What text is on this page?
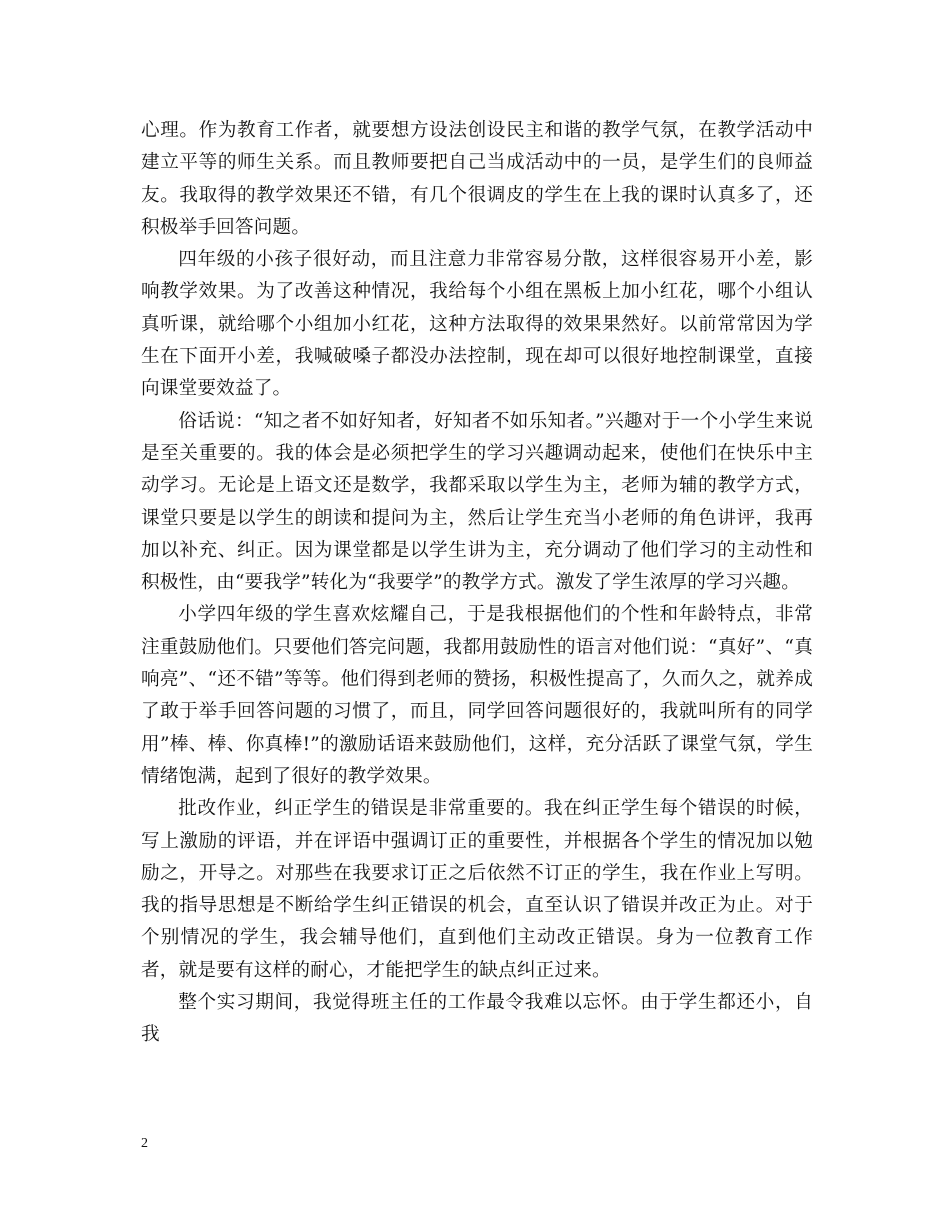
心理。作为教育工作者，就要想方设法创设民主和谐的教学气氛，在教学活动中建立平等的师生关系。而且教师要把自己当成活动中的一员，是学生们的良师益友。我取得的教学效果还不错，有几个很调皮的学生在上我的课时认真多了，还积极举手回答问题。

四年级的小孩子很好动，而且注意力非常容易分散，这样很容易开小差，影响教学效果。为了改善这种情况，我给每个小组在黑板上加小红花，哪个小组认真听课，就给哪个小组加小红花，这种方法取得的效果果然好。以前常常因为学生在下面开小差，我喊破嗓子都没办法控制，现在却可以很好地控制课堂，直接向课堂要效益了。

俗话说：“知之者不如好知者，好知者不如乐知者。”兴趣对于一个小学生来说是至关重要的。我的体会是必须把学生的学习兴趣调动起来，使他们在快乐中主动学习。无论是上语文还是数学，我都采取以学生为主，老师为辅的教学方式，课堂只要是以学生的朗读和提问为主，然后让学生充当小老师的角色讲评，我再加以补充、纠正。因为课堂都是以学生讲为主，充分调动了他们学习的主动性和积极性，由“要我学”转化为“我要学”的教学方式。激发了学生浓厚的学习兴趣。

小学四年级的学生喜欢炫耀自己，于是我根据他们的个性和年龄特点，非常注重鼓励他们。只要他们答完问题，我都用鼓励性的语言对他们说：“真好”、“真响亮”、“还不错”等等。他们得到老师的赞扬，积极性提高了，久而久之，就养成了敢于举手回答问题的习惯了，而且，同学回答问题很好的，我就叫所有的同学用”棒、棒、你真棒!”的激励话语来鼓励他们，这样，充分活跃了课堂气氛，学生情绪饱满，起到了很好的教学效果。

批改作业，纠正学生的错误是非常重要的。我在纠正学生每个错误的时候，写上激励的评语，并在评语中强调订正的重要性，并根据各个学生的情况加以勉励之，开导之。对那些在我要求订正之后依然不订正的学生，我在作业上写明。我的指导思想是不断给学生纠正错误的机会，直至认识了错误并改正为止。对于个别情况的学生，我会辅导他们，直到他们主动改正错误。身为一位教育工作者，就是要有这样的耐心，才能把学生的缺点纠正过来。

整个实习期间，我觉得班主任的工作最令我难以忘怀。由于学生都还小，自我

2
